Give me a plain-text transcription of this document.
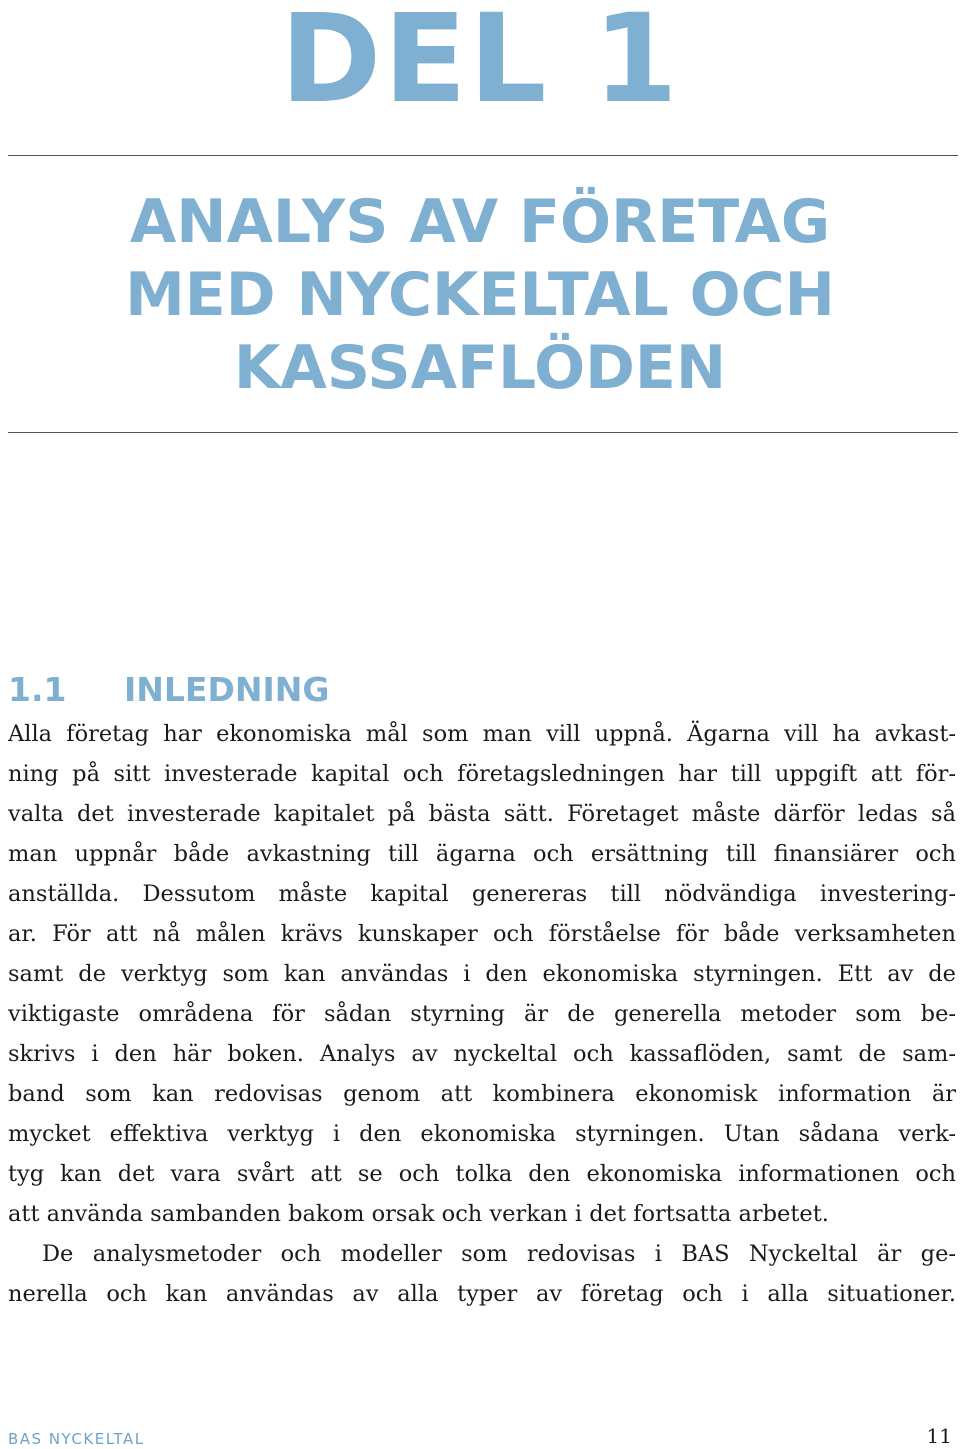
DEL 1
ANALYS AV FÖRETAG
MED NYCKELTAL OCH
KASSAFLÖDEN
1.1 INLEDNING
Alla företag har ekonomiska mål som man vill uppnå. Ägarna vill ha avkast-
ning på sitt investerade kapital och företagsledningen har till uppgift att för-
valta det investerade kapitalet på bästa sätt. Företaget måste därför ledas så
man uppnår både avkastning till ägarna och ersättning till finansiärer och
anställda. Dessutom måste kapital genereras till nödvändiga investering-
ar. För att nå målen krävs kunskaper och förståelse för både verksamheten
samt de verktyg som kan användas i den ekonomiska styrningen. Ett av de
viktigaste områdena för sådan styrning är de generella metoder som be-
skrivs i den här boken. Analys av nyckeltal och kassaflöden, samt de sam-
band som kan redovisas genom att kombinera ekonomisk information är
mycket effektiva verktyg i den ekonomiska styrningen. Utan sådana verk-
tyg kan det vara svårt att se och tolka den ekonomiska informationen och
att använda sambanden bakom orsak och verkan i det fortsatta arbetet.
De analysmetoder och modeller som redovisas i BAS Nyckeltal är ge-
nerella och kan användas av alla typer av företag och i alla situationer.
BAS NYCKELTAL	11
